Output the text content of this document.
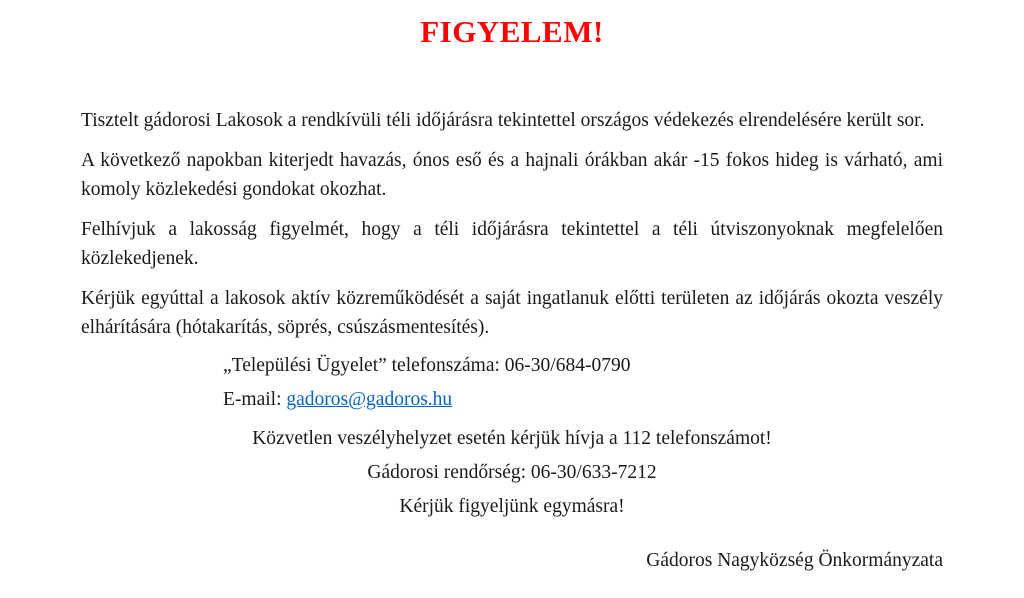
FIGYELEM!

Tisztelt gádorosi Lakosok a rendkívüli téli időjárásra tekintettel országos védekezés elrendelésére került sor.

A következő napokban kiterjedt havazás, ónos eső és a hajnali órákban akár -15 fokos hideg is várható, ami komoly közlekedési gondokat okozhat.

Felhívjuk a lakosság figyelmét, hogy a téli időjárásra tekintettel a téli útviszonyoknak megfelelően közlekedjenek.

Kérjük egyúttal a lakosok aktív közreműködését a saját ingatlanuk előtti területen az időjárás okozta veszély elhárítására (hótakarítás, söprés, csúszásmentesítés).

„Települési Ügyelet” telefonszáma: 06-30/684-0790
E-mail: gadoros@gadoros.hu
Közvetlen veszélyhelyzet esetén kérjük hívja a 112 telefonszámot!
Gádorosi rendőrség: 06-30/633-7212
Kérjük figyeljünk egymásra!
Gádoros Nagyközség Önkormányzata
